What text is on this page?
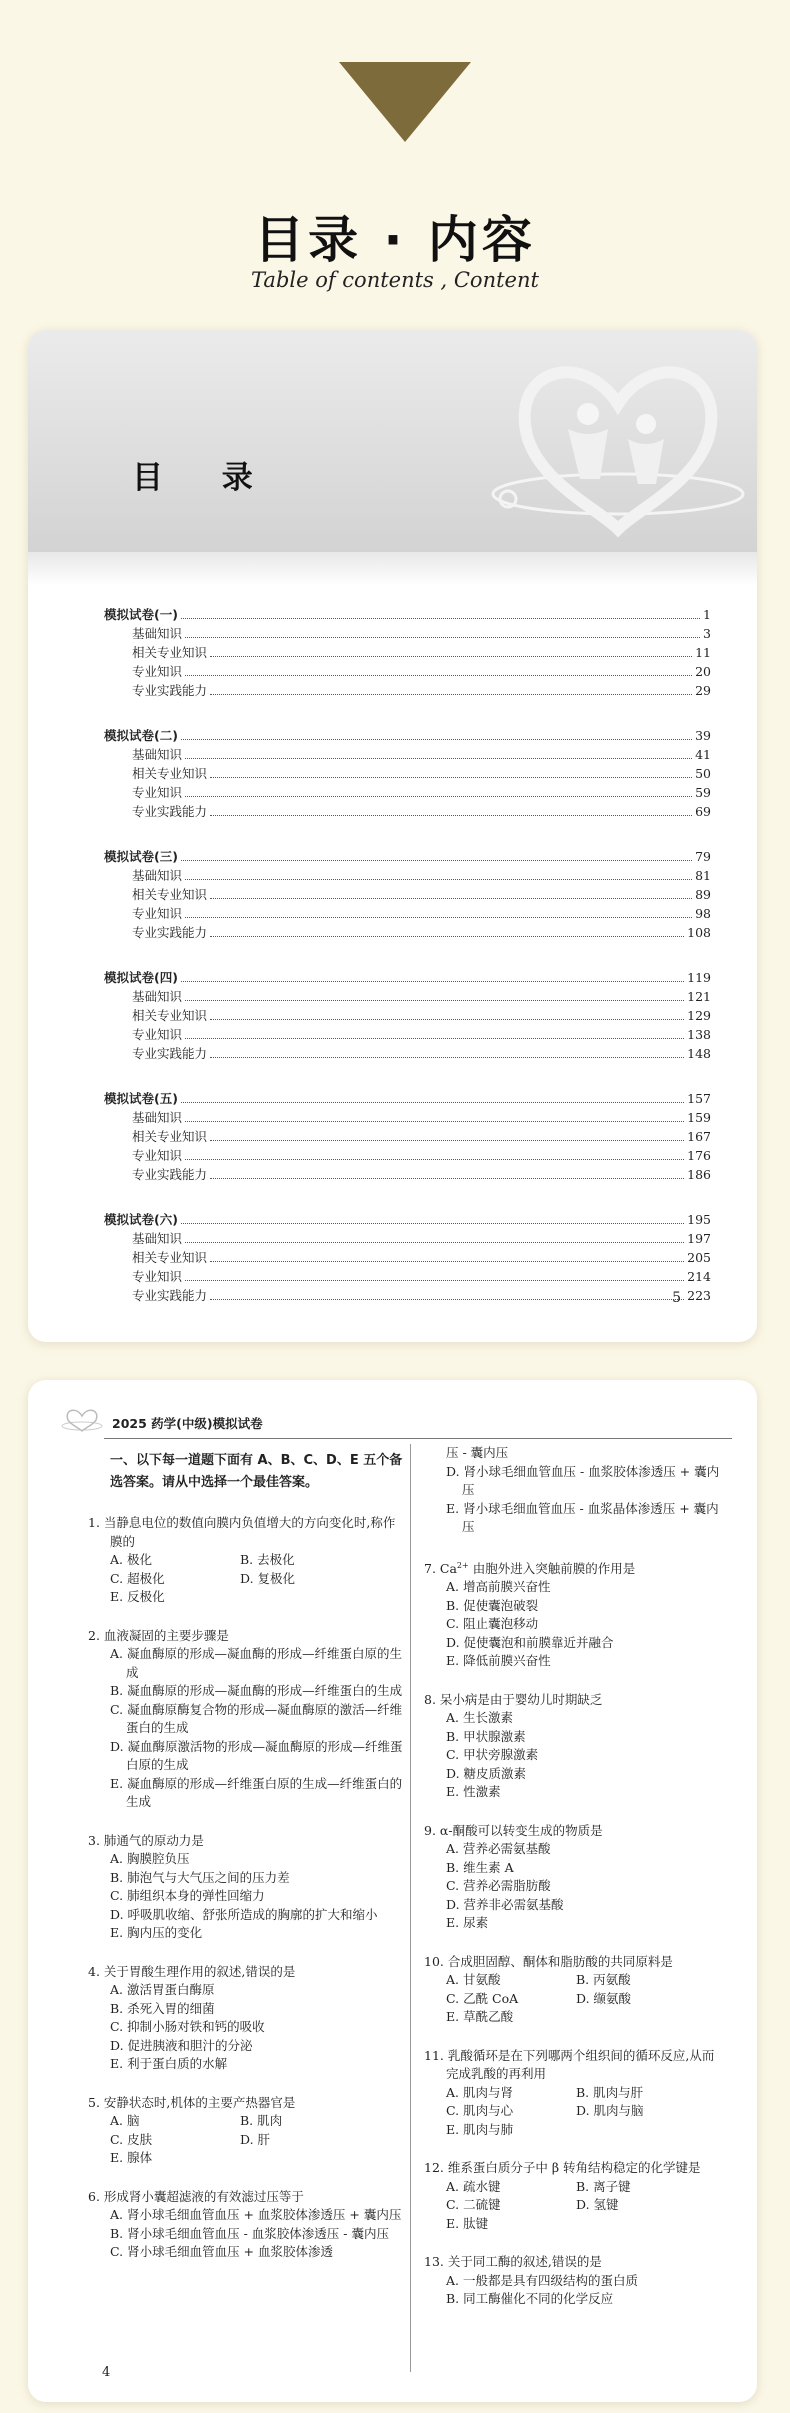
目录 · 内容
Table of contents , Content
目 录
模拟试卷(一)	1
基础知识	3
相关专业知识	11
专业知识	20
专业实践能力	29
模拟试卷(二)	39
基础知识	41
相关专业知识	50
专业知识	59
专业实践能力	69
模拟试卷(三)	79
基础知识	81
相关专业知识	89
专业知识	98
专业实践能力	108
模拟试卷(四)	119
基础知识	121
相关专业知识	129
专业知识	138
专业实践能力	148
模拟试卷(五)	157
基础知识	159
相关专业知识	167
专业知识	176
专业实践能力	186
模拟试卷(六)	195
基础知识	197
相关专业知识	205
专业知识	214
专业实践能力	223
5
2025 药学(中级)模拟试卷
一、以下每一道题下面有 A、B、C、D、E 五个备选答案。请从中选择一个最佳答案。
1. 当静息电位的数值向膜内负值增大的方向变化时,称作膜的
A. 极化	B. 去极化
C. 超极化	D. 复极化
E. 反极化
2. 血液凝固的主要步骤是
A. 凝血酶原的形成—凝血酶的形成—纤维蛋白原的生成
B. 凝血酶原的形成—凝血酶的形成—纤维蛋白的生成
C. 凝血酶原酶复合物的形成—凝血酶原的激活—纤维蛋白的生成
D. 凝血酶原激活物的形成—凝血酶原的形成—纤维蛋白原的生成
E. 凝血酶原的形成—纤维蛋白原的生成—纤维蛋白的生成
3. 肺通气的原动力是
A. 胸膜腔负压
B. 肺泡气与大气压之间的压力差
C. 肺组织本身的弹性回缩力
D. 呼吸肌收缩、舒张所造成的胸廓的扩大和缩小
E. 胸内压的变化
4. 关于胃酸生理作用的叙述,错误的是
A. 激活胃蛋白酶原
B. 杀死入胃的细菌
C. 抑制小肠对铁和钙的吸收
D. 促进胰液和胆汁的分泌
E. 利于蛋白质的水解
5. 安静状态时,机体的主要产热器官是
A. 脑	B. 肌肉
C. 皮肤	D. 肝
E. 腺体
6. 形成肾小囊超滤液的有效滤过压等于
A. 肾小球毛细血管血压 + 血浆胶体渗透压 + 囊内压
B. 肾小球毛细血管血压 - 血浆胶体渗透压 - 囊内压
C. 肾小球毛细血管血压 + 血浆胶体渗透
压 - 囊内压
D. 肾小球毛细血管血压 - 血浆胶体渗透压 + 囊内压
E. 肾小球毛细血管血压 - 血浆晶体渗透压 + 囊内压
7. $Ca^{2+}$ 由胞外进入突触前膜的作用是
A. 增高前膜兴奋性
B. 促使囊泡破裂
C. 阻止囊泡移动
D. 促使囊泡和前膜靠近并融合
E. 降低前膜兴奋性
8. 呆小病是由于婴幼儿时期缺乏
A. 生长激素
B. 甲状腺激素
C. 甲状旁腺激素
D. 糖皮质激素
E. 性激素
9. α-酮酸可以转变生成的物质是
A. 营养必需氨基酸
B. 维生素 A
C. 营养必需脂肪酸
D. 营养非必需氨基酸
E. 尿素
10. 合成胆固醇、酮体和脂肪酸的共同原料是
A. 甘氨酸	B. 丙氨酸
C. 乙酰 CoA	D. 缬氨酸
E. 草酰乙酸
11. 乳酸循环是在下列哪两个组织间的循环反应,从而完成乳酸的再利用
A. 肌肉与肾	B. 肌肉与肝
C. 肌肉与心	D. 肌肉与脑
E. 肌肉与肺
12. 维系蛋白质分子中 β 转角结构稳定的化学键是
A. 疏水键	B. 离子键
C. 二硫键	D. 氢键
E. 肽键
13. 关于同工酶的叙述,错误的是
A. 一般都是具有四级结构的蛋白质
B. 同工酶催化不同的化学反应
4
